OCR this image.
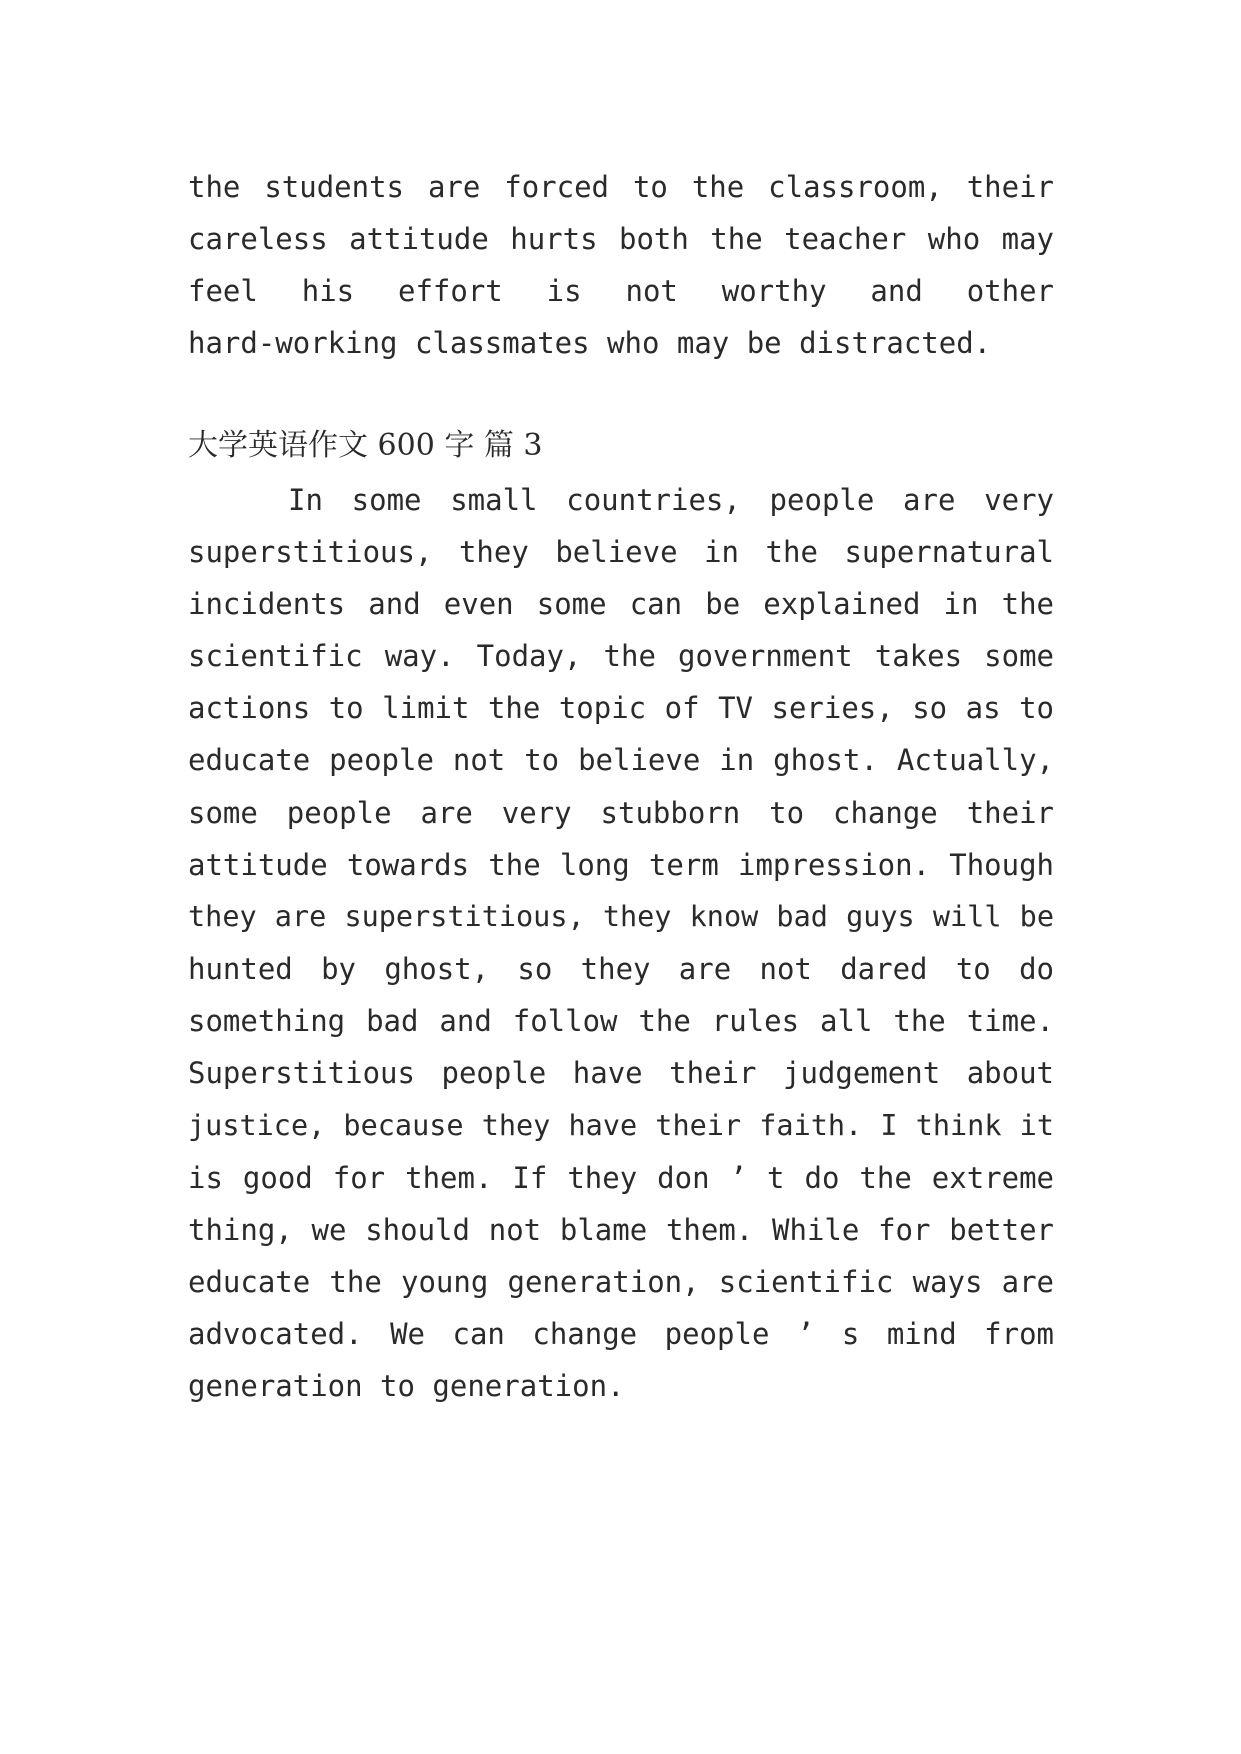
the students are forced to the classroom, their
careless attitude hurts both the teacher who may
feel his effort is not worthy and other
hard-working classmates who may be distracted.
大学英语作文 600 字 篇 3
In some small countries, people are very
superstitious, they believe in the supernatural
incidents and even some can be explained in the
scientific way. Today, the government takes some
actions to limit the topic of TV series, so as to
educate people not to believe in ghost. Actually,
some people are very stubborn to change their
attitude towards the long term impression. Though
they are superstitious, they know bad guys will be
hunted by ghost, so they are not dared to do
something bad and follow the rules all the time.
Superstitious people have their judgement about
justice, because they have their faith. I think it
is good for them. If they don ’ t do the extreme
thing, we should not blame them. While for better
educate the young generation, scientific ways are
advocated. We can change people ’ s mind from
generation to generation.
